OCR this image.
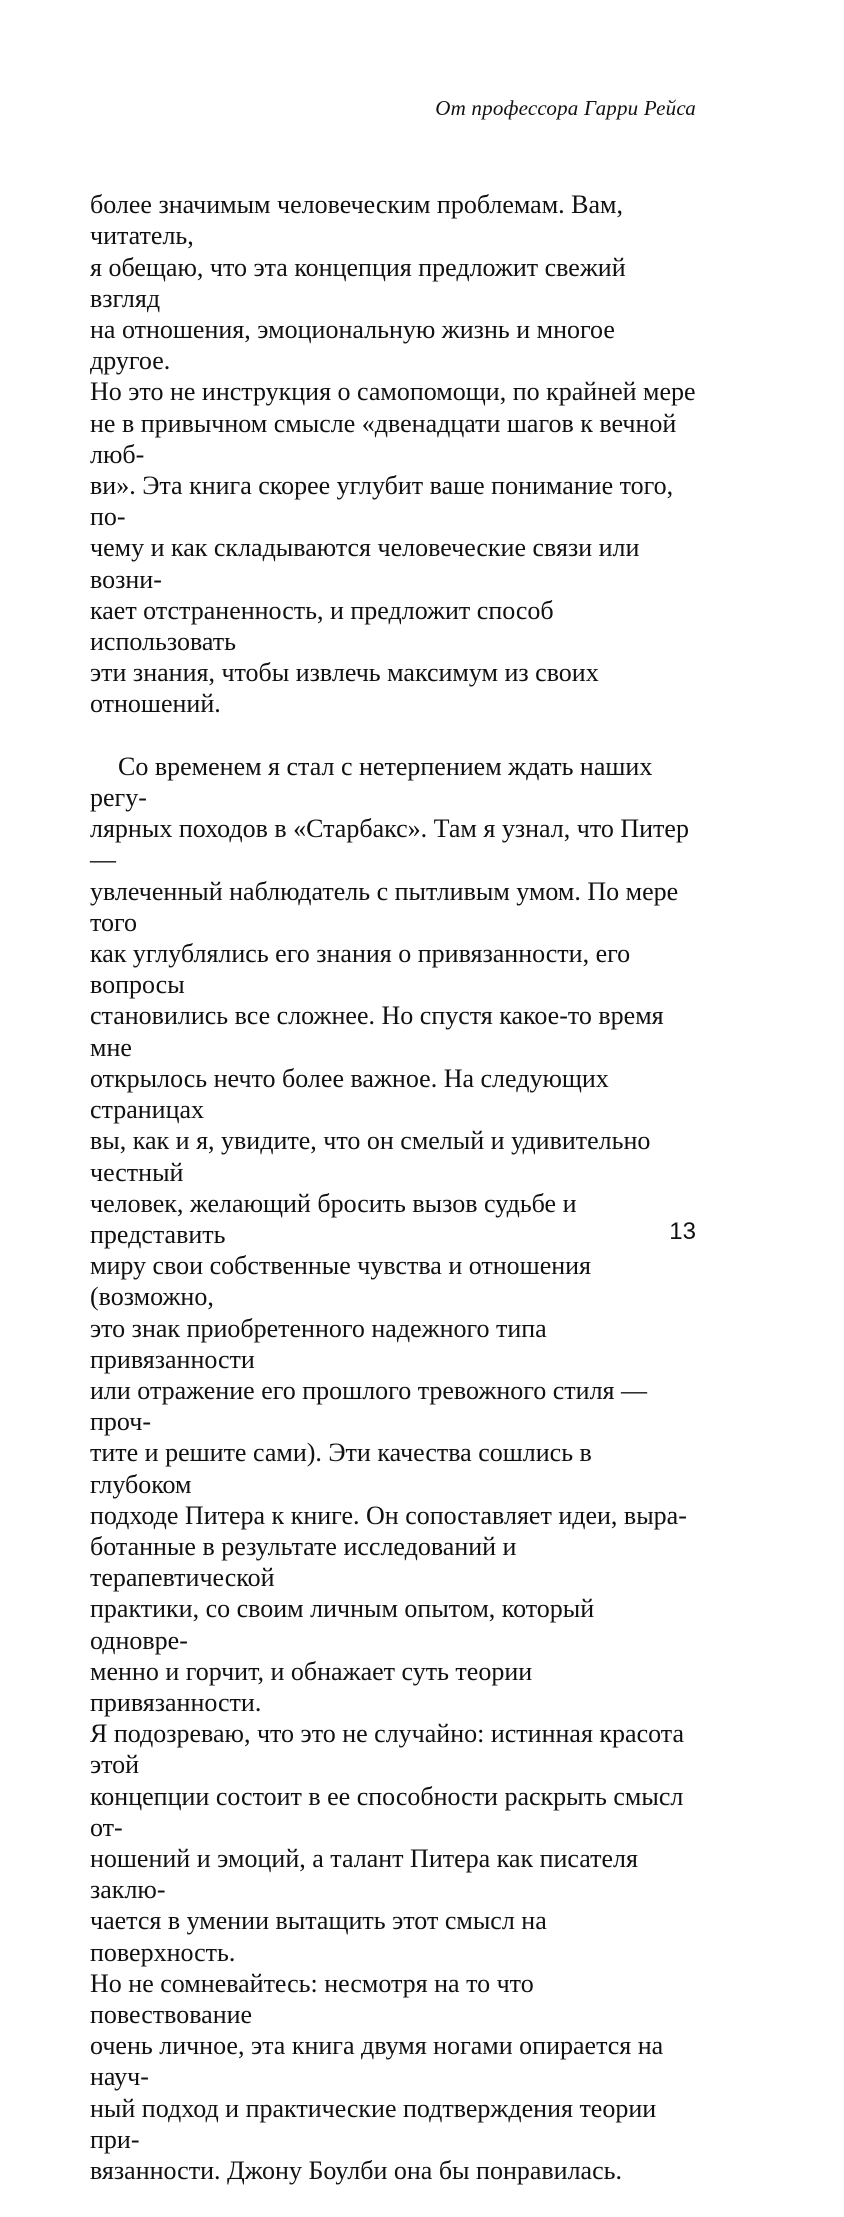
От профессора Гарри Рейса

более значимым человеческим проблемам. Вам, читатель,
я обещаю, что эта концепция предложит свежий взгляд
на отношения, эмоциональную жизнь и многое другое.
Но это не инструкция о самопомощи, по крайней мере
не в привычном смысле «двенадцати шагов к вечной люб-
ви». Эта книга скорее углубит ваше понимание того, по-
чему и как складываются человеческие связи или возни-
кает отстраненность, и предложит способ использовать
эти знания, чтобы извлечь максимум из своих отношений.

Со временем я стал с нетерпением ждать наших регу-
лярных походов в «Старбакс». Там я узнал, что Питер —
увлеченный наблюдатель с пытливым умом. По мере того
как углублялись его знания о привязанности, его вопросы
становились все сложнее. Но спустя какое-то время мне
открылось нечто более важное. На следующих страницах
вы, как и я, увидите, что он смелый и удивительно честный
человек, желающий бросить вызов судьбе и представить
миру свои собственные чувства и отношения (возможно,
это знак приобретенного надежного типа привязанности
или отражение его прошлого тревожного стиля — проч-
тите и решите сами). Эти качества сошлись в глубоком
подходе Питера к книге. Он сопоставляет идеи, выра-
ботанные в результате исследований и терапевтической
практики, со своим личным опытом, который одновре-
менно и горчит, и обнажает суть теории привязанности.
Я подозреваю, что это не случайно: истинная красота этой
концепции состоит в ее способности раскрыть смысл от-
ношений и эмоций, а талант Питера как писателя заклю-
чается в умении вытащить этот смысл на поверхность.
Но не сомневайтесь: несмотря на то что повествование
очень личное, эта книга двумя ногами опирается на науч-
ный подход и практические подтверждения теории при-
вязанности. Джону Боулби она бы понравилась.

13
